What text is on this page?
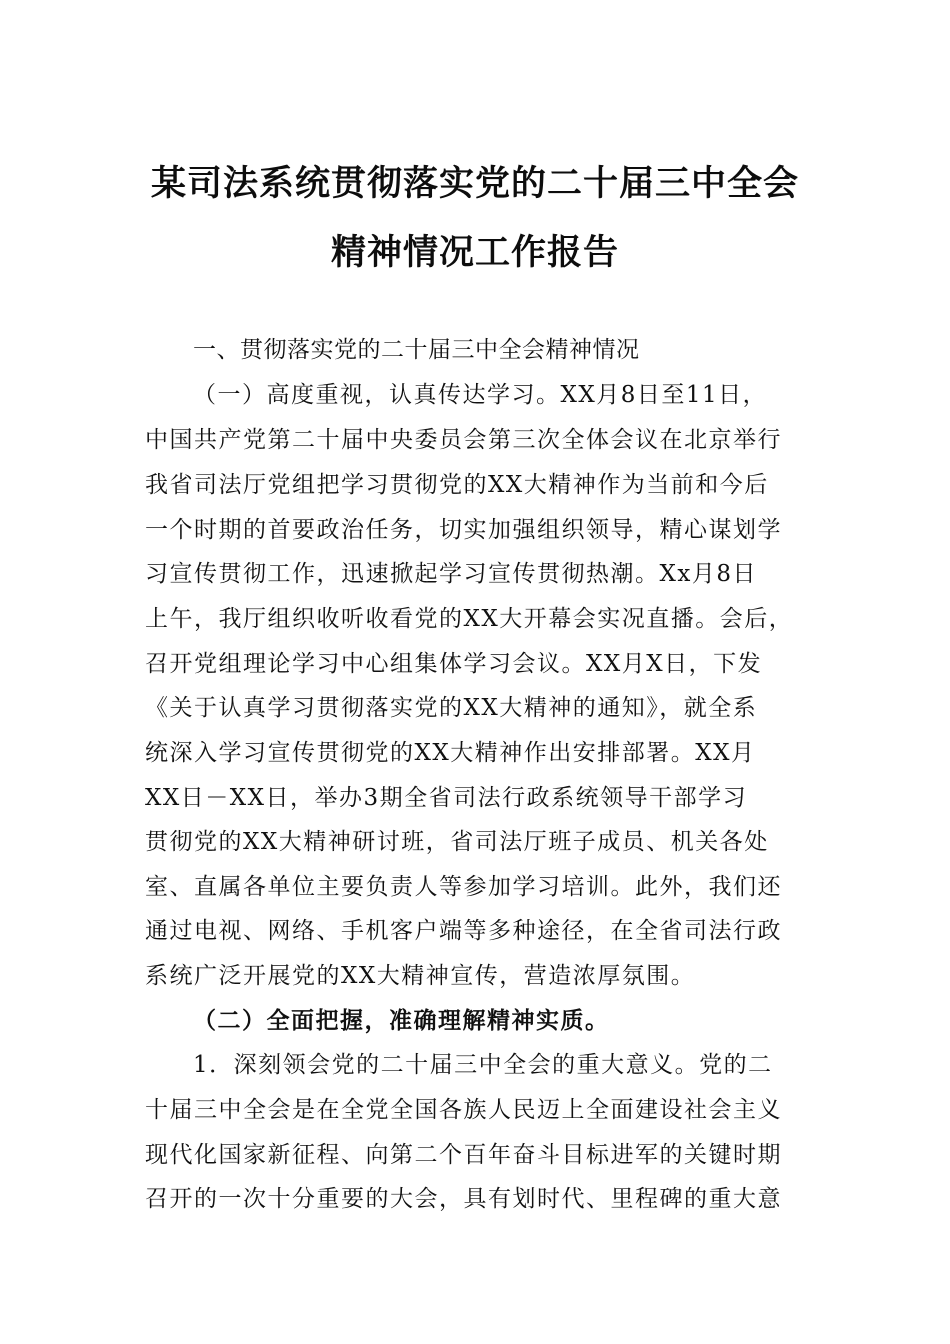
某司法系统贯彻落实党的二十届三中全会
精神情况工作报告
一、贯彻落实党的二十届三中全会精神情况
（一）高度重视，认真传达学习。XX月8日至11日，
中国共产党第二十届中央委员会第三次全体会议在北京举行
我省司法厅党组把学习贯彻党的XX大精神作为当前和今后
一个时期的首要政治任务，切实加强组织领导，精心谋划学
习宣传贯彻工作，迅速掀起学习宣传贯彻热潮。Xx月8日
上午，我厅组织收听收看党的XX大开幕会实况直播。会后，
召开党组理论学习中心组集体学习会议。XX月X日，下发
《关于认真学习贯彻落实党的XX大精神的通知》，就全系
统深入学习宣传贯彻党的XX大精神作出安排部署。XX月
XX日－XX日，举办3期全省司法行政系统领导干部学习
贯彻党的XX大精神研讨班，省司法厅班子成员、机关各处
室、直属各单位主要负责人等参加学习培训。此外，我们还
通过电视、网络、手机客户端等多种途径，在全省司法行政
系统广泛开展党的XX大精神宣传，营造浓厚氛围。
（二）全面把握，准确理解精神实质。
1．深刻领会党的二十届三中全会的重大意义。党的二
十届三中全会是在全党全国各族人民迈上全面建设社会主义
现代化国家新征程、向第二个百年奋斗目标进军的关键时期
召开的一次十分重要的大会，具有划时代、里程碑的重大意
